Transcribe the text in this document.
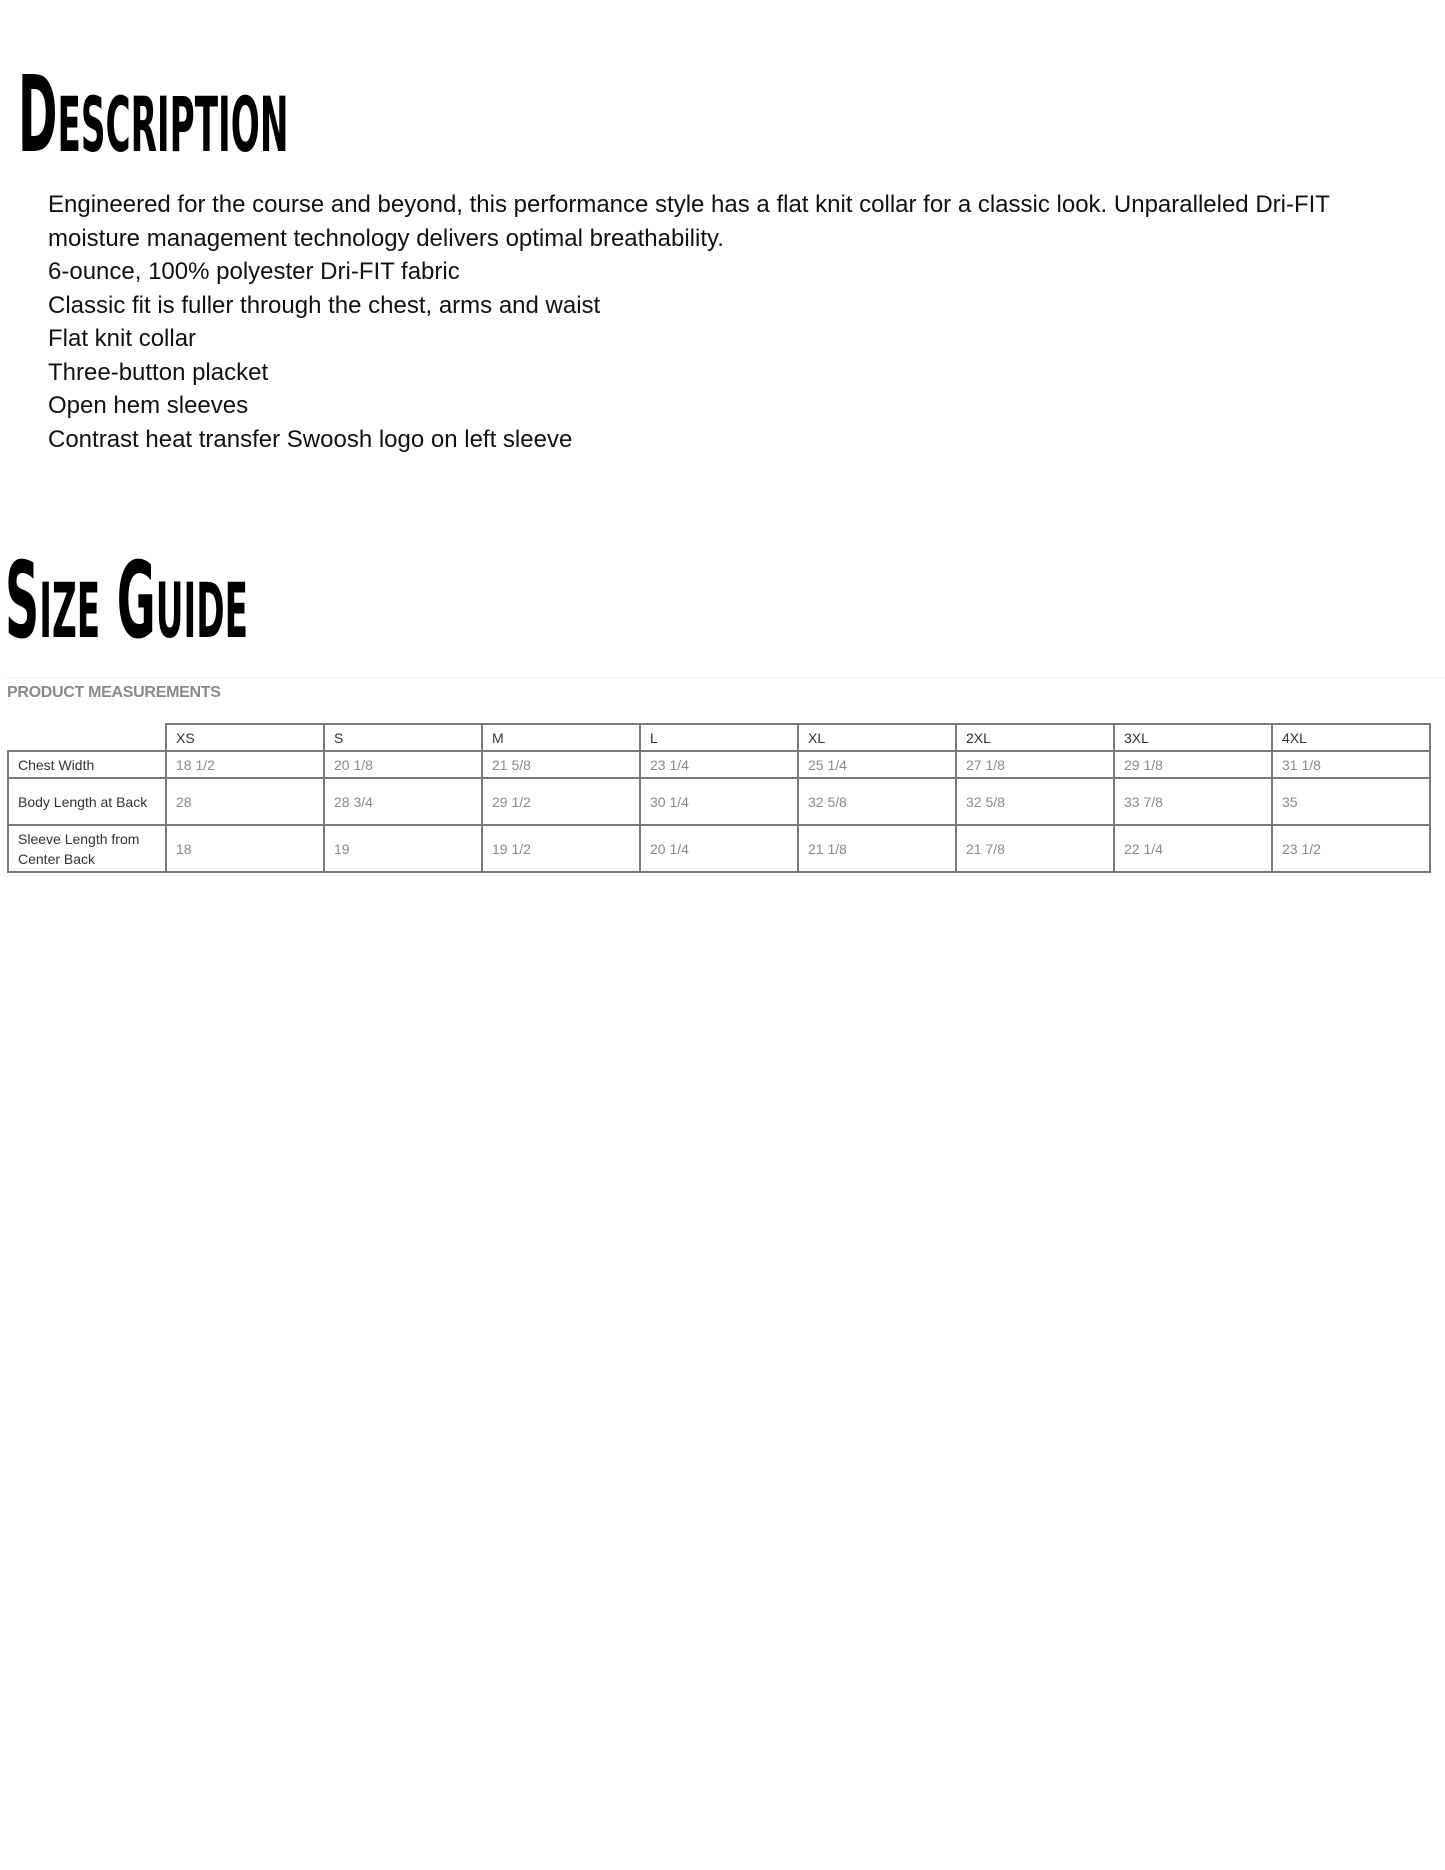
DESCRIPTION

Engineered for the course and beyond, this performance style has a flat knit collar for a classic look. Unparalleled Dri-FIT moisture management technology delivers optimal breathability.

6-ounce, 100% polyester Dri-FIT fabric

Classic fit is fuller through the chest, arms and waist

Flat knit collar

Three-button placket

Open hem sleeves

Contrast heat transfer Swoosh logo on left sleeve

SIZE GUIDE
PRODUCT MEASUREMENTS
	XS	S	M	L	XL	2XL	3XL	4XL
Chest Width	18 1/2	20 1/8	21 5/8	23 1/4	25 1/4	27 1/8	29 1/8	31 1/8
Body Length at Back	28	28 3/4	29 1/2	30 1/4	32 5/8	32 5/8	33 7/8	35
Sleeve Length from Center Back	18	19	19 1/2	20 1/4	21 1/8	21 7/8	22 1/4	23 1/2
